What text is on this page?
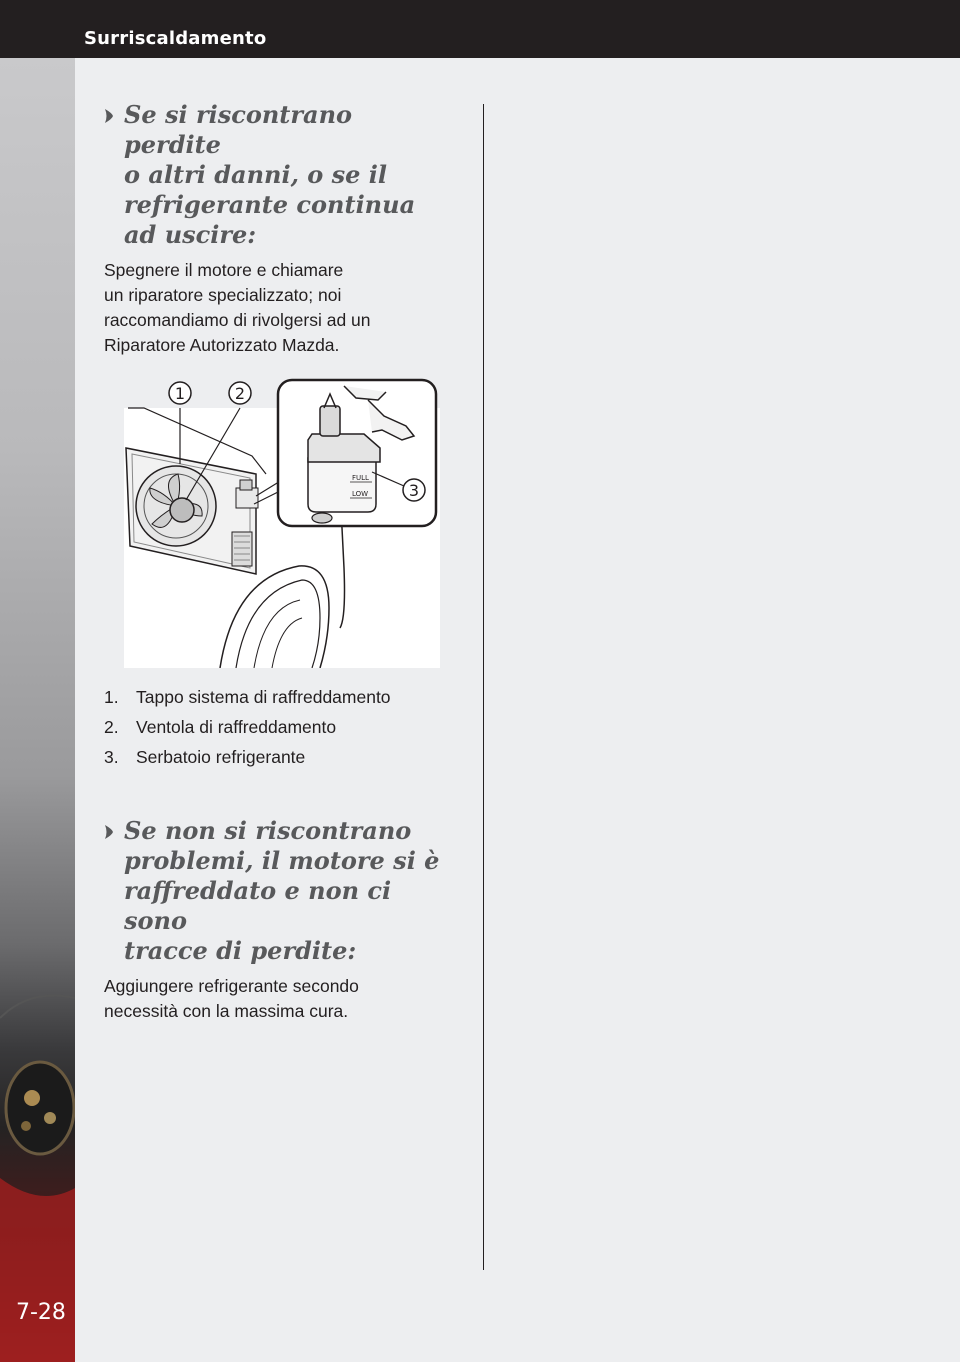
Surriscaldamento
7-28
Se si riscontrano perdite
o altri danni, o se il
refrigerante continua
ad uscire:

Spegnere il motore e chiamare
un riparatore specializzato; noi
raccomandiamo di rivolgersi ad un
Riparatore Autorizzato Mazda.

1	2
FULL
LOW	3
1. Tappo sistema di raffreddamento
2. Ventola di raffreddamento
3. Serbatoio refrigerante
Se non si riscontrano
problemi, il motore si è
raffreddato e non ci sono
tracce di perdite:

Aggiungere refrigerante secondo
necessità con la massima cura.
